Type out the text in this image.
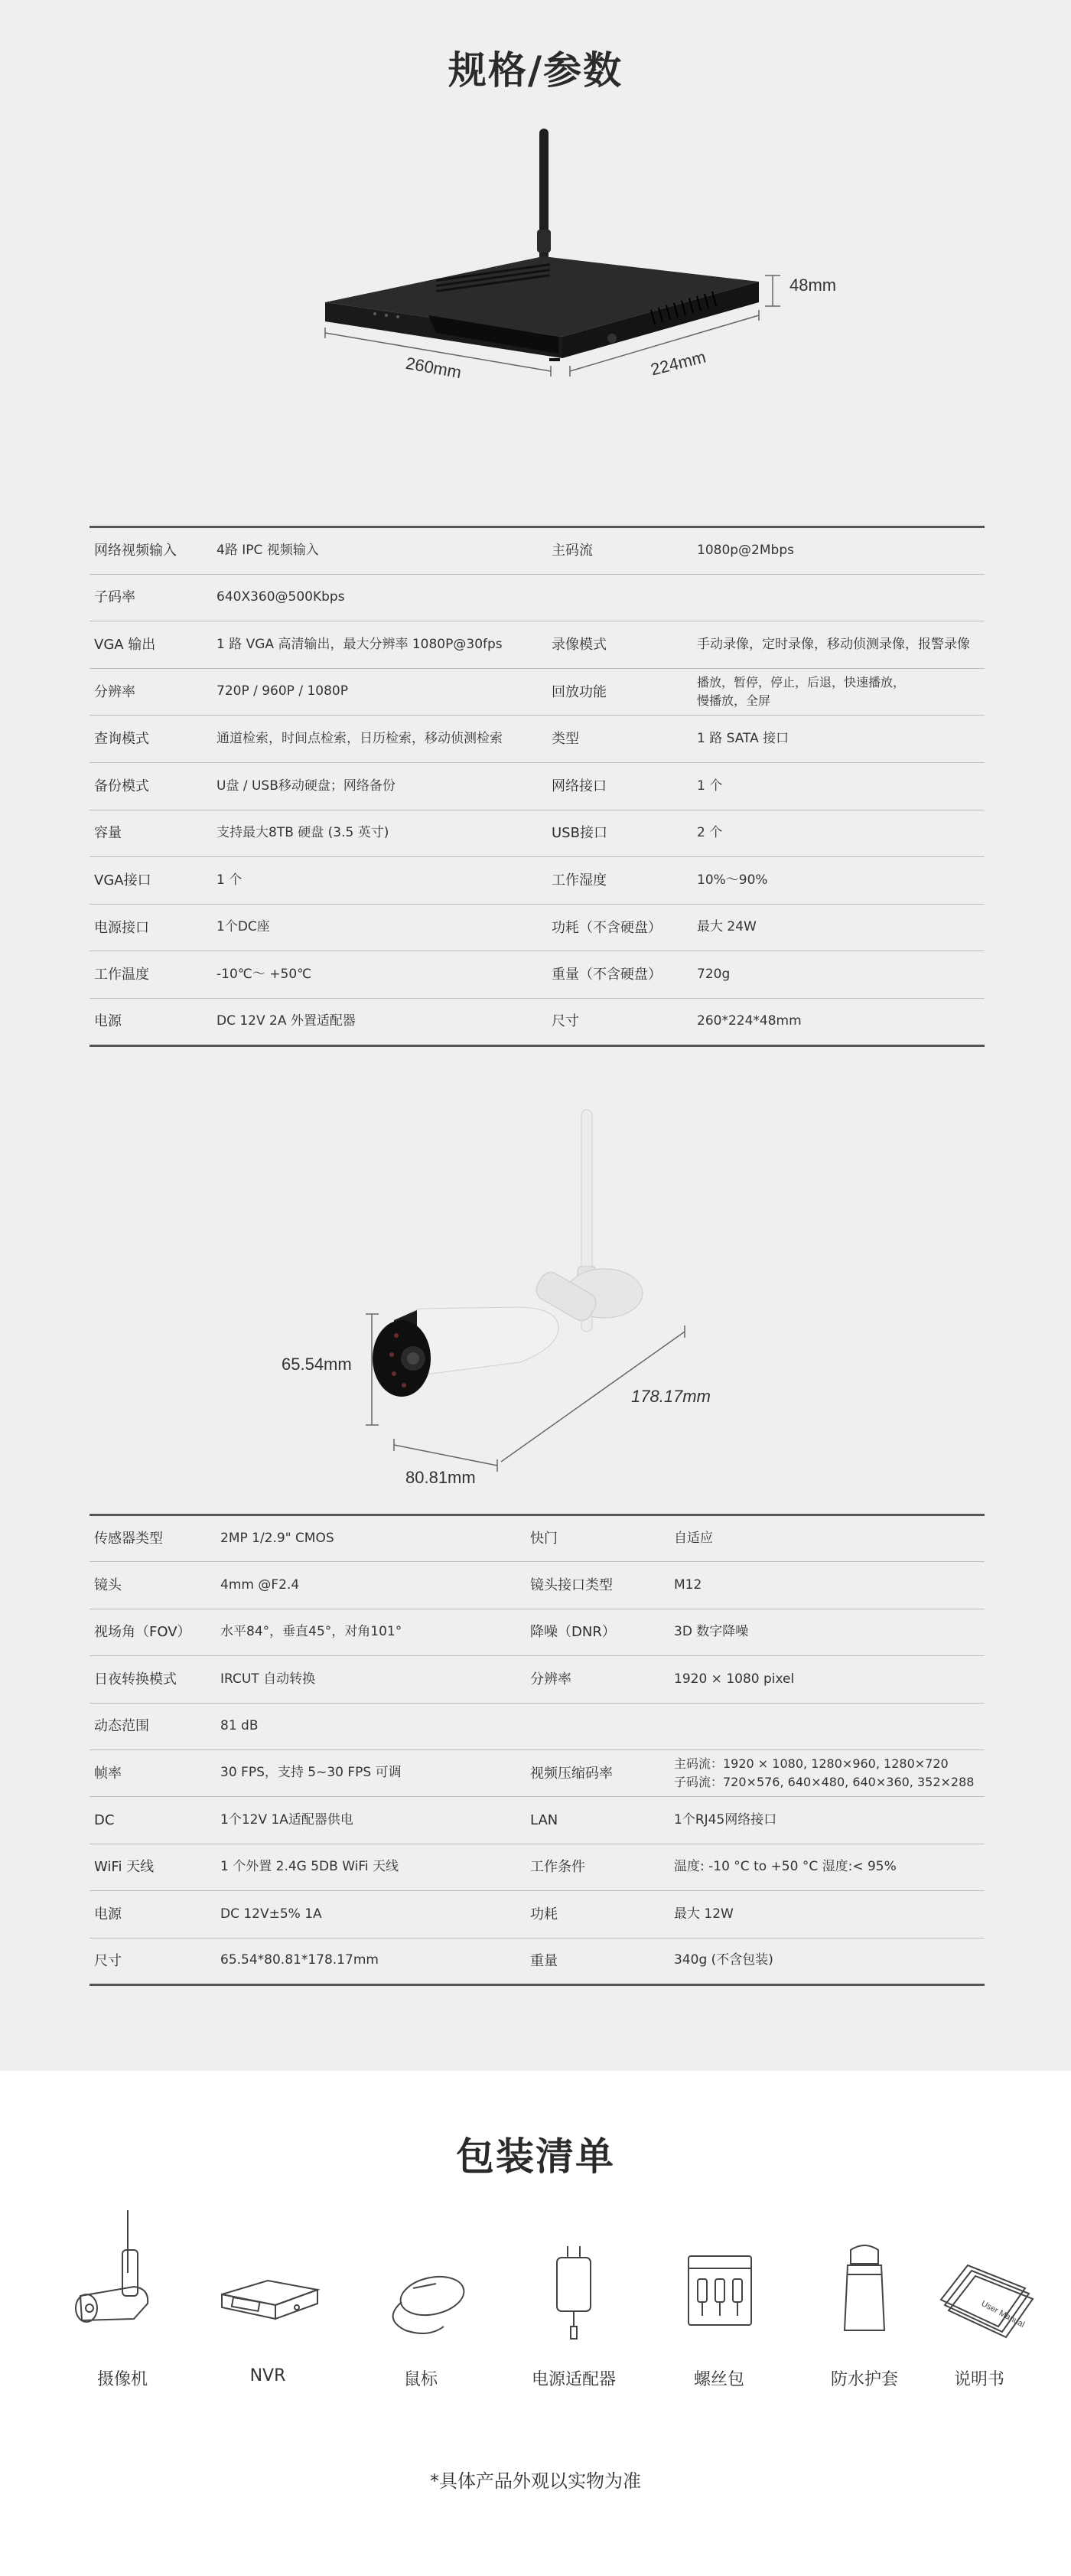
规格/参数
48mm
260mm	224mm
网络视频输入	4路 IPC 视频输入	主码流	1080p@2Mbps
子码率	640X360@500Kbps		
VGA 输出	1 路 VGA 高清输出，最大分辨率 1080P@30fps	录像模式	手动录像，定时录像，移动侦测录像，报警录像
分辨率	720P / 960P / 1080P	回放功能	播放，暂停，停止，后退，快速播放，
慢播放，全屏
查询模式	通道检索，时间点检索，日历检索，移动侦测检索	类型	1 路 SATA 接口
备份模式	U盘 / USB移动硬盘；网络备份	网络接口	1 个
容量	支持最大8TB 硬盘 (3.5 英寸)	USB接口	2 个
VGA接口	1 个	工作湿度	10%～90%
电源接口	1个DC座	功耗（不含硬盘）	最大 24W
工作温度	-10℃～ +50℃	重量（不含硬盘）	720g
电源	DC 12V 2A 外置适配器	尺寸	260*224*48mm
65.54mm
178.17mm
80.81mm
传感器类型	2MP 1/2.9" CMOS	快门	自适应
镜头	4mm @F2.4	镜头接口类型	M12
视场角（FOV）	水平84°，垂直45°，对角101°	降噪（DNR）	3D 数字降噪
日夜转换模式	IRCUT 自动转换	分辨率	1920 × 1080 pixel
动态范围	81 dB		
帧率	30 FPS，支持 5~30 FPS 可调	视频压缩码率	主码流：1920 × 1080, 1280×960, 1280×720
子码流：720×576, 640×480, 640×360, 352×288
DC	1个12V 1A适配器供电	LAN	1个RJ45网络接口
WiFi 天线	1 个外置 2.4G 5DB WiFi 天线	工作条件	温度: -10 °C to +50 °C 湿度:< 95%
电源	DC 12V±5% 1A	功耗	最大 12W
尺寸	65.54*80.81*178.17mm	重量	340g (不含包装)
包装清单
摄像机	NVR	鼠标	电源适配器	螺丝包	防水护套
User Manual
说明书
*具体产品外观以实物为准
